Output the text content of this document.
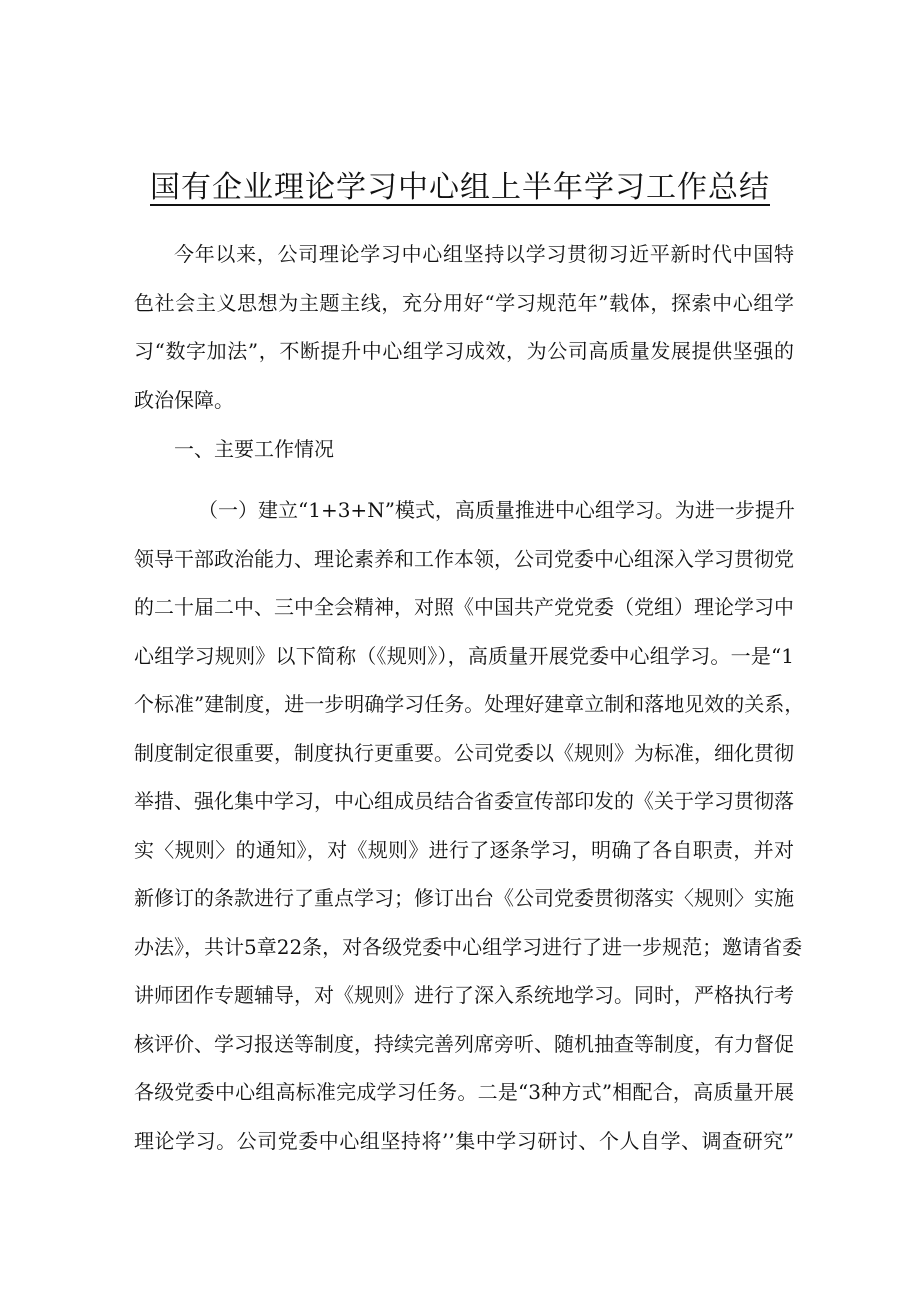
国有企业理论学习中心组上半年学习工作总结
今年以来，公司理论学习中心组坚持以学习贯彻习近平新时代中国特
色社会主义思想为主题主线，充分用好“学习规范年”载体，探索中心组学
习“数字加法”，不断提升中心组学习成效，为公司高质量发展提供坚强的
政治保障。
一、主要工作情况
（一）建立“1+3+N”模式，高质量推进中心组学习。为进一步提升
领导干部政治能力、理论素养和工作本领，公司党委中心组深入学习贯彻党
的二十届二中、三中全会精神，对照《中国共产党党委（党组）理论学习中
心组学习规则》以下简称（《规则》），高质量开展党委中心组学习。一是“1
个标准”建制度，进一步明确学习任务。处理好建章立制和落地见效的关系，
制度制定很重要，制度执行更重要。公司党委以《规则》为标准，细化贯彻
举措、强化集中学习，中心组成员结合省委宣传部印发的《关于学习贯彻落
实〈规则〉的通知》，对《规则》进行了逐条学习，明确了各自职责，并对
新修订的条款进行了重点学习；修订出台《公司党委贯彻落实〈规则〉实施
办法》，共计5章22条，对各级党委中心组学习进行了进一步规范；邀请省委
讲师团作专题辅导，对《规则》进行了深入系统地学习。同时，严格执行考
核评价、学习报送等制度，持续完善列席旁听、随机抽查等制度，有力督促
各级党委中心组高标准完成学习任务。二是“3种方式”相配合，高质量开展
理论学习。公司党委中心组坚持将’’集中学习研讨、个人自学、调查研究”
